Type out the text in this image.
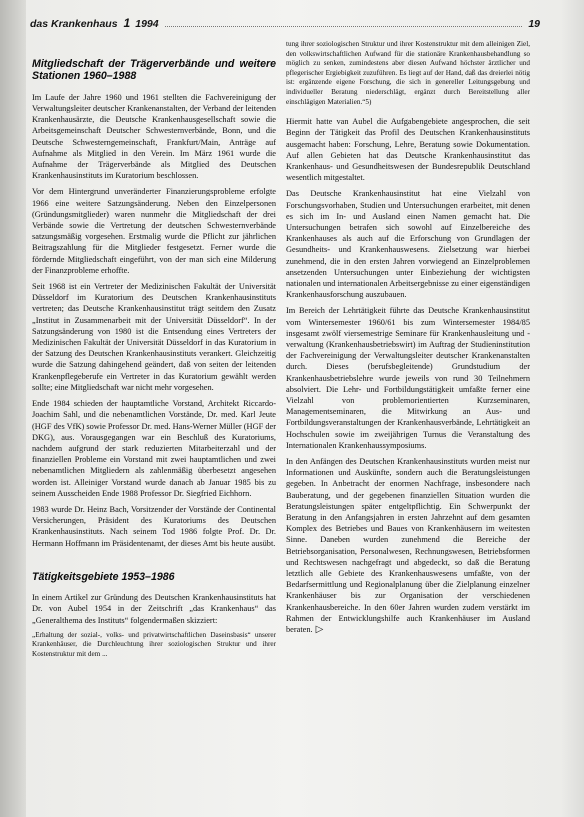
das Krankenhaus 1 1994	19
Mitgliedschaft der Trägerverbände und weitere Stationen 1960–1988

Im Laufe der Jahre 1960 und 1961 stellten die Fachvereinigung der Verwaltungsleiter deutscher Krankenanstalten, der Verband der leitenden Krankenhausärzte, die Deutsche Krankenhausgesellschaft sowie die Arbeitsgemeinschaft Deutscher Schwesternverbände, Bonn, und die Deutsche Schwesterngemeinschaft, Frankfurt/Main, Anträge auf Aufnahme als Mitglied in den Verein. Im März 1961 wurde die Aufnahme der Trägerverbände als Mitglied des Deutschen Krankenhausinstituts im Kuratorium beschlossen.

Vor dem Hintergrund unveränderter Finanzierungsprobleme erfolgte 1966 eine weitere Satzungsänderung. Neben den Einzelpersonen (Gründungsmitglieder) waren nunmehr die Mitgliedschaft der drei Verbände sowie die Vertretung der deutschen Schwesternverbände satzungsmäßig vorgesehen. Erstmalig wurde die Pflicht zur jährlichen Beitragszahlung für die Mitglieder festgesetzt. Ferner wurde die fördernde Mitgliedschaft eingeführt, von der man sich eine Milderung der Finanzprobleme erhoffte.

Seit 1968 ist ein Vertreter der Medizinischen Fakultät der Universität Düsseldorf im Kuratorium des Deutschen Krankenhausinstituts vertreten; das Deutsche Krankenhausinstitut trägt seitdem den Zusatz „Institut in Zusammenarbeit mit der Universität Düsseldorf“. In der Satzungsänderung von 1980 ist die Entsendung eines Vertreters der Medizinischen Fakultät der Universität Düsseldorf in das Kuratorium in der Satzung des Deutschen Krankenhausinstituts verankert. Gleichzeitig wurde die Satzung dahingehend geändert, daß von seiten der leitenden Krankenpflegeberufe ein Vertreter in das Kuratorium gewählt werden sollte; eine Mitgliedschaft war nicht mehr vorgesehen.

Ende 1984 schieden der hauptamtliche Vorstand, Architekt Riccardo-Joachim Sahl, und die nebenamtlichen Vorstände, Dr. med. Karl Jeute (HGF des VfK) sowie Professor Dr. med. Hans-Werner Müller (HGF der DKG), aus. Vorausgegangen war ein Beschluß des Kuratoriums, nachdem aufgrund der stark reduzierten Mitarbeiterzahl und der finanziellen Probleme ein Vorstand mit zwei hauptamtlichen und zwei nebenamtlichen Mitgliedern als zahlenmäßig überbesetzt angesehen worden ist. Alleiniger Vorstand wurde danach ab Januar 1985 bis zu seinem Ausscheiden Ende 1988 Professor Dr. Siegfried Eichhorn.

1983 wurde Dr. Heinz Bach, Vorsitzender der Vorstände der Continental Versicherungen, Präsident des Kuratoriums des Deutschen Krankenhausinstituts. Nach seinem Tod 1986 folgte Prof. Dr. Dr. Hermann Hoffmann im Präsidentenamt, der dieses Amt bis heute ausübt.

Tätigkeitsgebiete 1953–1986

In einem Artikel zur Gründung des Deutschen Krankenhausinstituts hat Dr. von Aubel 1954 in der Zeitschrift „das Krankenhaus“ das „Generalthema des Instituts“ folgendermaßen skizziert:

„Erhaltung der sozial-, volks- und privatwirtschaftlichen Daseinsbasis“ unserer Krankenhäuser, die Durchleuchtung ihrer soziologischen Struktur und ihrer Kostenstruktur mit dem ...

tung ihrer soziologischen Struktur und ihrer Kostenstruktur mit dem alleinigen Ziel, den volkswirtschaftlichen Aufwand für die stationäre Krankenhausbehandlung so möglich zu senken, zumindestens aber diesen Aufwand höchster ärztlicher und pflegerischer Ergiebigkeit zuzuführen. Es liegt auf der Hand, daß das dreierlei nötig ist: ergänzende eigene Forschung, die sich in genereller Leitungsgebung und individueller Beratung niederschlägt, ergänzt durch Bereitstellung aller einschlägigen Materialien.“5)

Hiermit hatte van Aubel die Aufgabengebiete angesprochen, die seit Beginn der Tätigkeit das Profil des Deutschen Krankenhausinstituts ausgemacht haben: Forschung, Lehre, Beratung sowie Dokumentation. Auf allen Gebieten hat das Deutsche Krankenhausinstitut das Krankenhaus- und Gesundheitswesen der Bundesrepublik Deutschland wesentlich mitgestaltet.

Das Deutsche Krankenhausinstitut hat eine Vielzahl von Forschungsvorhaben, Studien und Untersuchungen erarbeitet, mit denen es sich im In- und Ausland einen Namen gemacht hat. Die Untersuchungen betrafen sich sowohl auf Einzelbereiche des Krankenhauses als auch auf die Erforschung von Grundlagen der Gesundheits- und Krankenhauswesens. Zielsetzung war hierbei zunehmend, die in den ersten Jahren vorwiegend an Einzelproblemen ansetzenden Untersuchungen unter Einbeziehung der wichtigsten nationalen und internationalen Arbeitsergebnisse zu einer eigenständigen Krankenhausforschung auszubauen.

Im Bereich der Lehrtätigkeit führte das Deutsche Krankenhausinstitut vom Wintersemester 1960/61 bis zum Wintersemester 1984/85 insgesamt zwölf viersemestrige Seminare für Krankenhausleitung und -verwaltung (Krankenhausbetriebswirt) im Auftrag der Studieninstitution der Fachvereinigung der Verwaltungsleiter deutscher Krankenanstalten durch. Dieses (berufsbegleitende) Grundstudium der Krankenhausbetriebslehre wurde jeweils von rund 30 Teilnehmern absolviert. Die Lehr- und Fortbildungstätigkeit umfaßte ferner eine Vielzahl von problemorientierten Kurzseminaren, Managementseminaren, die Mitwirkung an Aus- und Fortbildungsveranstaltungen der Krankenhausverbände, Lehrtätigkeit an Hochschulen sowie im zweijährigen Turnus die Veranstaltung des Internationalen Krankenhaussymposiums.

In den Anfängen des Deutschen Krankenhausinstituts wurden meist nur Informationen und Auskünfte, sondern auch die Beratungsleistungen gegeben. In Anbetracht der enormen Nachfrage, insbesondere nach Bauberatung, und der gegebenen finanziellen Situation wurden die Beratungsleistungen später entgeltpflichtig. Ein Schwerpunkt der Beratung in den Anfangsjahren in ersten Jahrzehnt auf dem gesamten Komplex des Betriebes und Baues von Krankenhäusern im weitesten Sinne. Daneben wurden zunehmend die Bereiche der Betriebsorganisation, Personalwesen, Rechnungswesen, Betriebsformen und Rechtswesen nachgefragt und abgedeckt, so daß die Beratung letztlich alle Gebiete des Krankenhauswesens umfaßte, von der Bedarfsermittlung und Regionalplanung über die Zielplanung einzelner Krankenhäuser bis zur Organisation der verschiedenen Krankenhausbereiche. In den 60er Jahren wurden zudem verstärkt im Rahmen der Entwicklungshilfe auch Krankenhäuser im Ausland beraten. ▷
